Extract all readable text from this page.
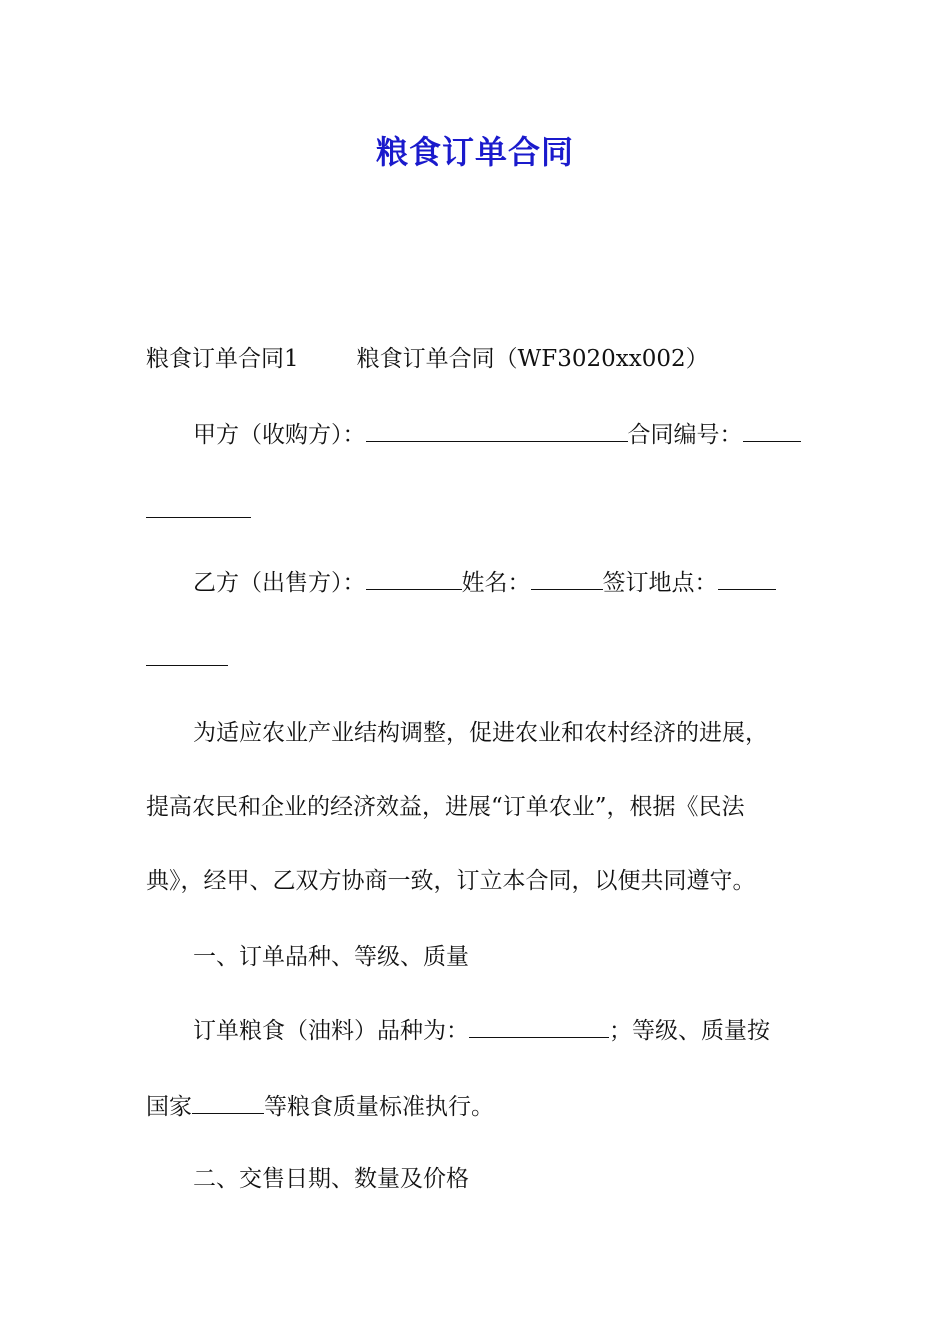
粮食订单合同
粮食订单合同1	粮食订单合同（WF3020xx002）
甲方（收购方）：	合同编号：
乙方（出售方）：	姓名：	签订地点：
为适应农业产业结构调整，促进农业和农村经济的进展，
提高农民和企业的经济效益，进展“订单农业”，根据《民法
典》，经甲、乙双方协商一致，订立本合同，以便共同遵守。
一、订单品种、等级、质量
订单粮食（油料）品种为：	；等级、质量按
国家	等粮食质量标准执行。
二、交售日期、数量及价格
